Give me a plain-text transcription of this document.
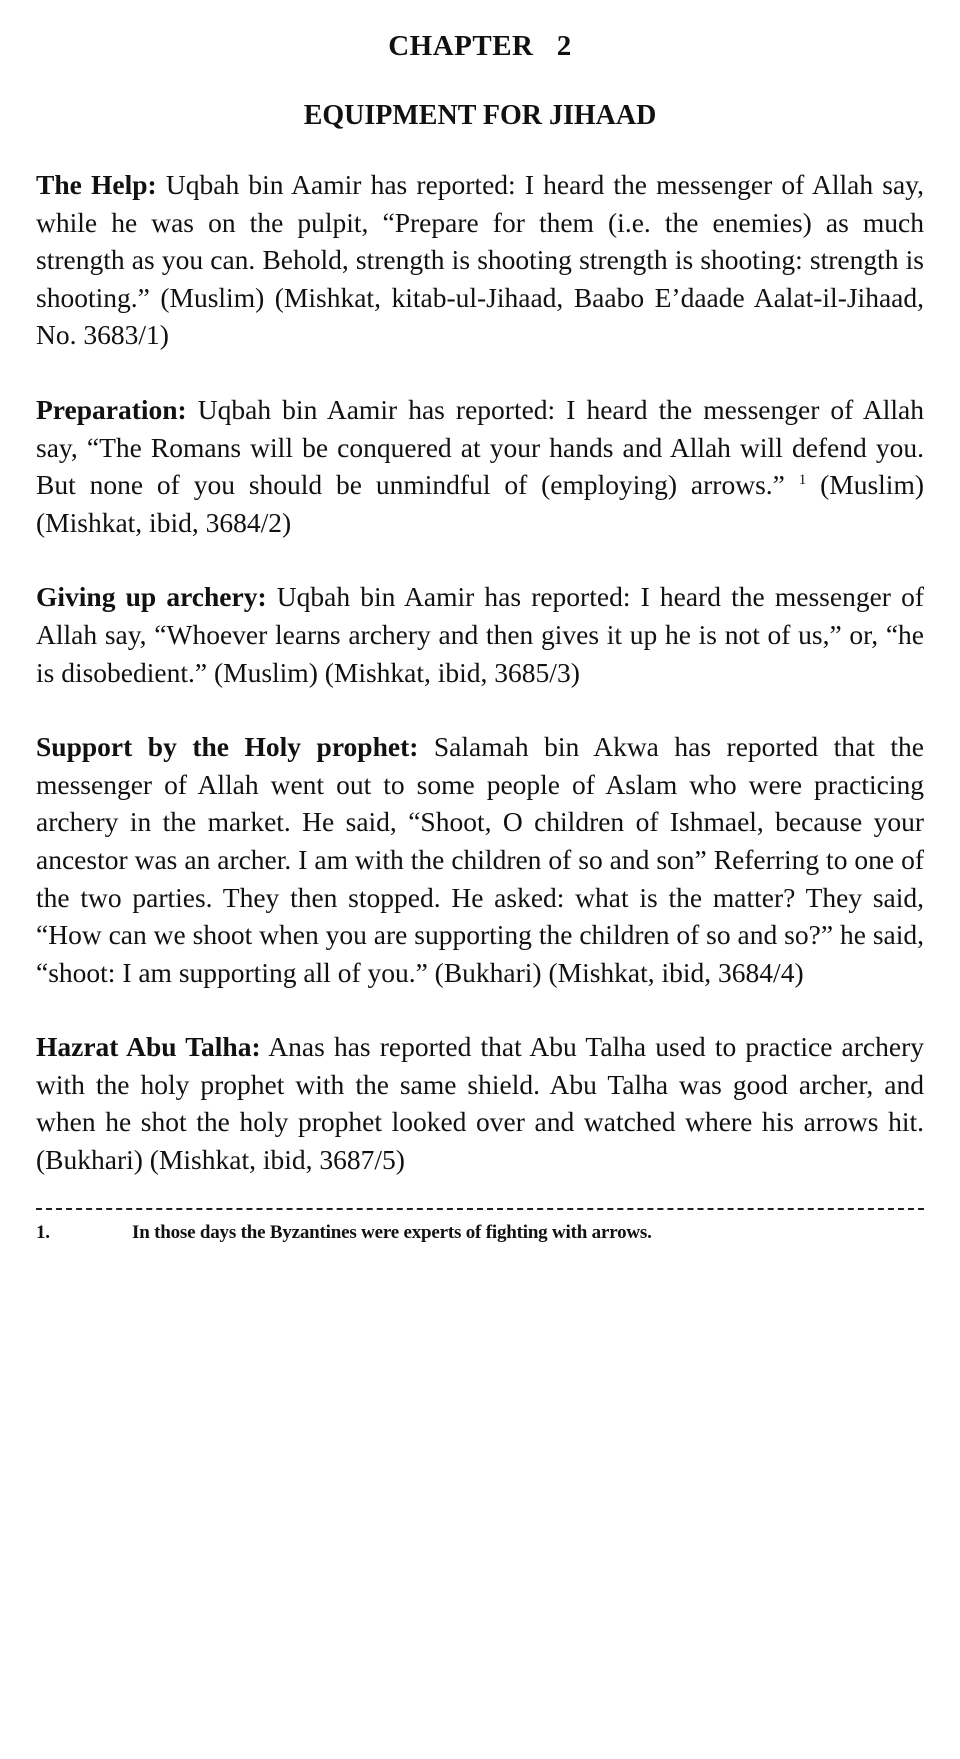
CHAPTER   2
EQUIPMENT FOR JIHAAD

The Help: Uqbah bin Aamir has reported: I heard the messenger of Allah say, while he was on the pulpit, “Prepare for them (i.e. the enemies) as much strength as you can. Behold, strength is shooting strength is shooting: strength is shooting.” (Muslim) (Mishkat, kitab-ul-Jihaad, Baabo E’daade Aalat-il-Jihaad, No. 3683/1)

Preparation: Uqbah bin Aamir has reported: I heard the messenger of Allah say, “The Romans will be conquered at your hands and Allah will defend you. But none of you should be unmindful of (employing) arrows.” $^1$ (Muslim) (Mishkat, ibid, 3684/2)

Giving up archery: Uqbah bin Aamir has reported: I heard the messenger of Allah say, “Whoever learns archery and then gives it up he is not of us,” or, “he is disobedient.” (Muslim) (Mishkat, ibid, 3685/3)

Support by the Holy prophet: Salamah bin Akwa has reported that the messenger of Allah went out to some people of Aslam who were practicing archery in the market. He said, “Shoot, O children of Ishmael, because your ancestor was an archer. I am with the children of so and son” Referring to one of the two parties. They then stopped. He asked: what is the matter? They said, “How can we shoot when you are supporting the children of so and so?” he said, “shoot: I am supporting all of you.” (Bukhari) (Mishkat, ibid, 3684/4)

Hazrat Abu Talha: Anas has reported that Abu Talha used to practice archery with the holy prophet with the same shield. Abu Talha was good archer, and when he shot the holy prophet looked over and watched where his arrows hit. (Bukhari) (Mishkat, ibid, 3687/5)

1.	In those days the Byzantines were experts of fighting with arrows.
